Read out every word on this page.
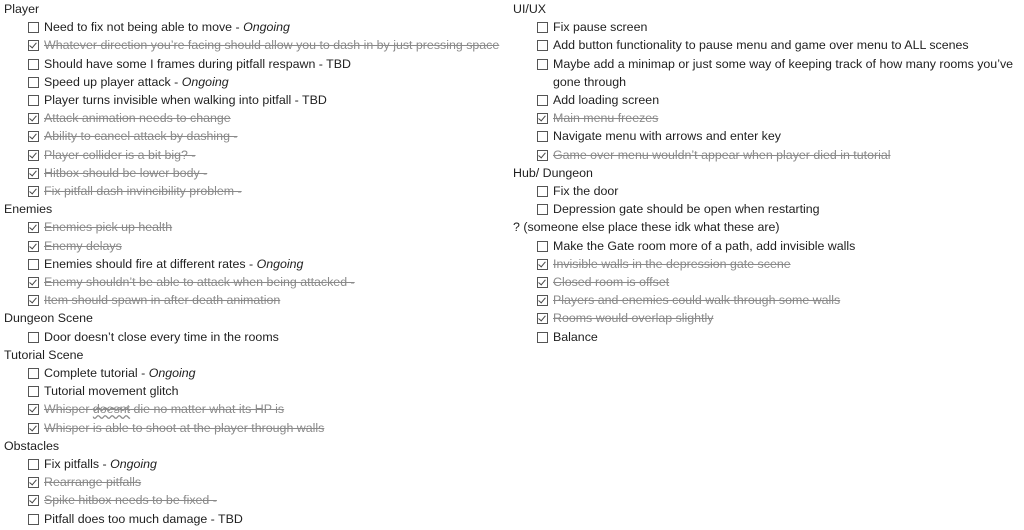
Player
Need to fix not being able to move - Ongoing
Whatever direction you’re facing should allow you to dash in by just pressing space
Should have some I frames during pitfall respawn - TBD
Speed up player attack - Ongoing
Player turns invisible when walking into pitfall - TBD
Attack animation needs to change
Ability to cancel attack by dashing -
Player collider is a bit big? -
Hitbox should be lower body -
Fix pitfall dash invincibility problem -
Enemies
Enemies pick up health
Enemy delays
Enemies should fire at different rates - Ongoing
Enemy shouldn’t be able to attack when being attacked -
Item should spawn in after death animation
Dungeon Scene
Door doesn’t close every time in the rooms
Tutorial Scene
Complete tutorial - Ongoing
Tutorial movement glitch
Whisper doesnt die no matter what its HP is
Whisper is able to shoot at the player through walls
Obstacles
Fix pitfalls - Ongoing
Rearrange pitfalls
Spike hitbox needs to be fixed -
Pitfall does too much damage - TBD
UI/UX
Fix pause screen
Add button functionality to pause menu and game over menu to ALL scenes
Maybe add a minimap or just some way of keeping track of how many rooms you’ve gone through
Add loading screen
Main menu freezes
Navigate menu with arrows and enter key
Game over menu wouldn’t appear when player died in tutorial
Hub/ Dungeon
Fix the door
Depression gate should be open when restarting
? (someone else place these idk what these are)
Make the Gate room more of a path, add invisible walls
Invisible walls in the depression gate scene
Closed room is offset
Players and enemies could walk through some walls
Rooms would overlap slightly
Balance
